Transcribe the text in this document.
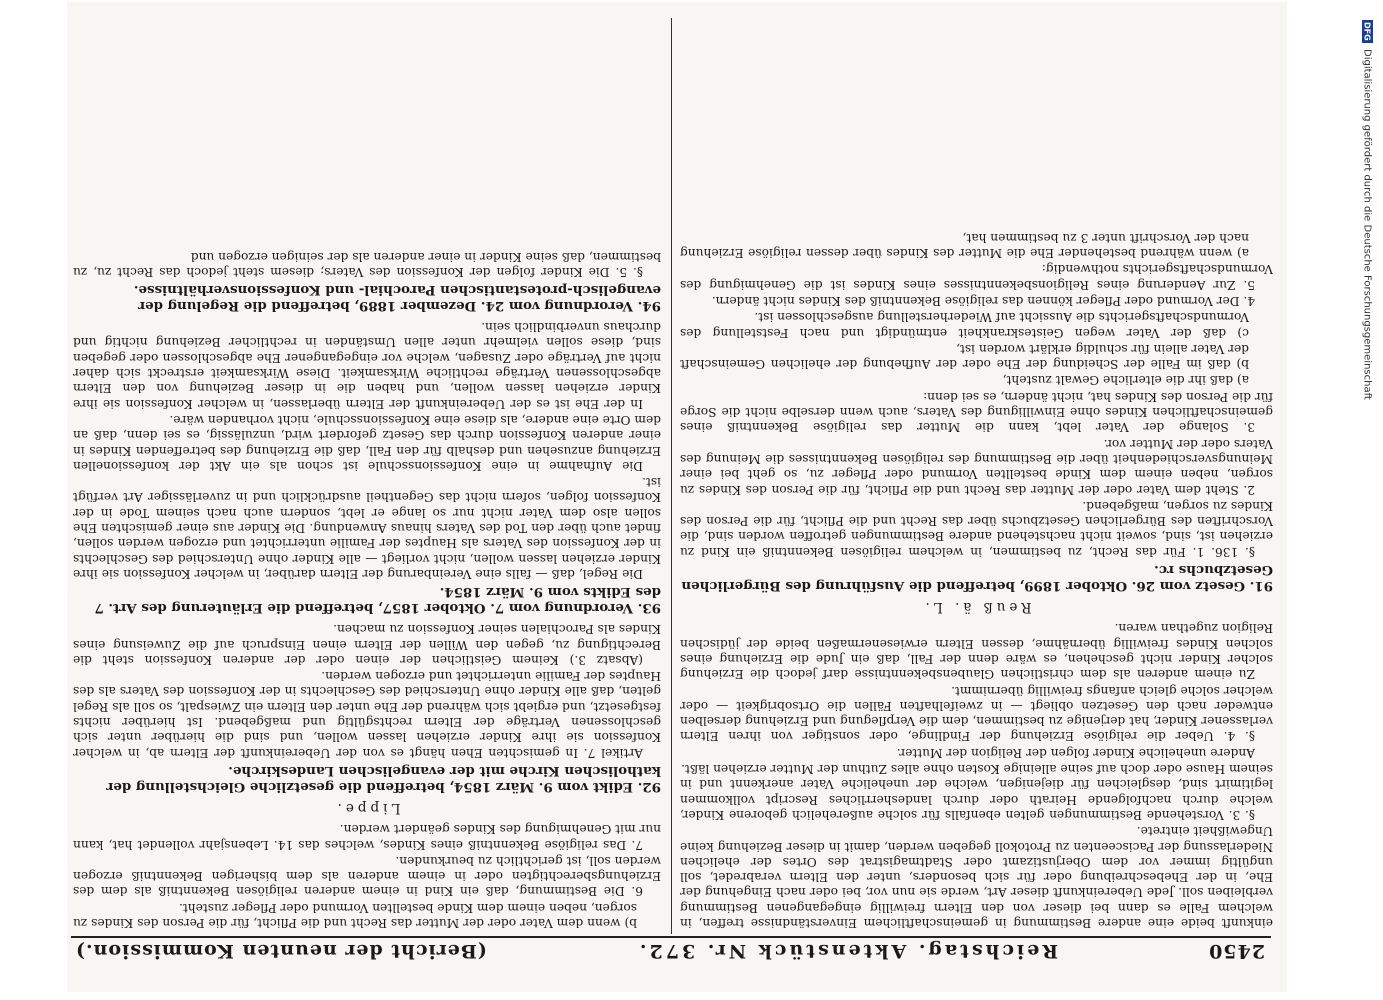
2450
Reichstag. Aktenstück Nr. 372.
(Bericht der neunten Kommission.)

einkunft beide eine andere Bestimmung in gemeinschaftlichem Einverständnisse treffen, in welchem Falle es dann bei dieser von den Eltern freiwillig eingegangenen Bestimmung verbleiben soll. Jede Uebereinkunft dieser Art, werde sie nun vor, bei oder nach Eingehung der Ehe, in der Ehebeschreibung oder für sich besonders, unter den Eltern verabredet, soll ungültig immer vor dem Oberjustizamt oder Stadtmagistrat des Ortes der ehelichen Niederlassung der Pacisceenten zu Protokoll gegeben werden, damit in dieser Beziehung keine Ungewißheit eintrete.

§. 3. Vorstehende Bestimmungen gelten ebenfalls für solche außerehelich geborene Kinder, welche durch nachfolgende Heirath oder durch landesherrliches Rescript vollkommen legitimirt sind, desgleichen für diejenigen, welche der uneheliche Vater anerkennt und in seinem Hause oder doch auf seine alleinige Kosten ohne alles Zuthun der Mutter erziehen läßt.

Andere uneheliche Kinder folgen der Religion der Mutter.

§. 4. Ueber die religiöse Erziehung der Findlinge, oder sonstiger von ihren Eltern verlassener Kinder, hat derjenige zu bestimmen, dem die Verpflegung und Erziehung derselben entweder nach den Gesetzen obliegt — in zweifelhaften Fällen die Ortsobrigkeit — oder welcher solche gleich anfangs freiwillig übernimmt.

Zu einem anderen als dem christlichen Glaubensbekenntnisse darf jedoch die Erziehung solcher Kinder nicht geschehen, es wäre denn der Fall, daß ein Jude die Erziehung eines solchen Kindes freiwillig übernähme, dessen Eltern erwiesenermaßen beide der jüdischen Religion zugethan waren.

Reuß ä. L.
91. Gesetz vom 26. Oktober 1899, betreffend die Ausführung des Bürgerlichen Gesetzbuchs rc.

§. 136. 1. Für das Recht, zu bestimmen, in welchem religiösen Bekenntniß ein Kind zu erziehen ist, sind, soweit nicht nachstehend andere Bestimmungen getroffen worden sind, die Vorschriften des Bürgerlichen Gesetzbuchs über das Recht und die Pflicht, für die Person des Kindes zu sorgen, maßgebend.

2. Steht dem Vater oder der Mutter das Recht und die Pflicht, für die Person des Kindes zu sorgen, neben einem dem Kinde bestellten Vormund oder Pfleger zu, so geht bei einer Meinungsverschiedenheit über die Bestimmung des religiösen Bekenntnisses die Meinung des Vaters oder der Mutter vor.

3. Solange der Vater lebt, kann die Mutter das religiöse Bekenntniß eines gemeinschaftlichen Kindes ohne Einwilligung des Vaters, auch wenn derselbe nicht die Sorge für die Person des Kindes hat, nicht ändern, es sei denn:

a) daß ihr die elterliche Gewalt zusteht,

b) daß im Falle der Scheidung der Ehe oder der Aufhebung der ehelichen Gemeinschaft der Vater allein für schuldig erklärt worden ist,

c) daß der Vater wegen Geisteskrankheit entmündigt und nach Feststellung des Vormundschaftsgerichts die Aussicht auf Wiederherstellung ausgeschlossen ist.

4. Der Vormund oder Pfleger können das religiöse Bekenntniß des Kindes nicht ändern.

5. Zur Aenderung eines Religionsbekenntnisses eines Kindes ist die Genehmigung des Vormundschaftsgerichts nothwendig:

a) wenn während bestehender Ehe die Mutter des Kindes über dessen religiöse Erziehung nach der Vorschrift unter 3 zu bestimmen hat,

b) wenn dem Vater oder der Mutter das Recht und die Pflicht, für die Person des Kindes zu sorgen, neben einem dem Kinde bestellten Vormund oder Pfleger zusteht.

6. Die Bestimmung, daß ein Kind in einem anderen religiösen Bekenntniß als dem des Erziehungsberechtigten oder in einem anderen als dem bisherigen Bekenntniß erzogen werden soll, ist gerichtlich zu beurkunden.

7. Das religiöse Bekenntniß eines Kindes, welches das 14. Lebensjahr vollendet hat, kann nur mit Genehmigung des Kindes geändert werden.

Lippe.
92. Edikt vom 9. März 1854, betreffend die gesetzliche Gleichstellung der katholischen Kirche mit der evangelischen Landeskirche.

Artikel 7. In gemischten Ehen hängt es von der Uebereinkunft der Eltern ab, in welcher Konfession sie ihre Kinder erziehen lassen wollen, und sind die hierüber unter sich geschlossenen Verträge der Eltern rechtsgültig und maßgebend. Ist hierüber nichts festgesetzt, und ergiebt sich während der Ehe unter den Eltern ein Zwiespalt, so soll als Regel gelten, daß alle Kinder ohne Unterschied des Geschlechts in der Konfession des Vaters als des Hauptes der Familie unterrichtet und erzogen werden.

(Absatz 3.) Keinem Geistlichen der einen oder der anderen Konfession steht die Berechtigung zu, gegen den Willen der Eltern einen Einspruch auf die Zuweisung eines Kindes als Parochialen seiner Konfession zu machen.

93. Verordnung vom 7. Oktober 1857, betreffend die Erläuterung des Art. 7 des Edikts vom 9. März 1854.

Die Regel, daß — falls eine Vereinbarung der Eltern darüber, in welcher Konfession sie ihre Kinder erziehen lassen wollen, nicht vorliegt — alle Kinder ohne Unterschied des Geschlechts in der Konfession des Vaters als Hauptes der Familie unterrichtet und erzogen werden sollen, findet auch über den Tod des Vaters hinaus Anwendung. Die Kinder aus einer gemischten Ehe sollen also dem Vater nicht nur so lange er lebt, sondern auch nach seinem Tode in der Konfession folgen, sofern nicht das Gegentheil ausdrücklich und in zuverlässiger Art verfügt ist.

Die Aufnahme in eine Konfessionsschule ist schon als ein Akt der konfessionellen Erziehung anzusehen und deshalb für den Fall, daß die Erziehung des betreffenden Kindes in einer anderen Konfession durch das Gesetz gefordert wird, unzulässig, es sei denn, daß an dem Orte eine andere, als diese eine Konfessionsschule, nicht vorhanden wäre.

In der Ehe ist es der Uebereinkunft der Eltern überlassen, in welcher Konfession sie ihre Kinder erziehen lassen wollen, und haben die in dieser Beziehung von den Eltern abgeschlossenen Verträge rechtliche Wirksamkeit. Diese Wirksamkeit erstreckt sich daher nicht auf Verträge oder Zusagen, welche vor eingegangener Ehe abgeschlossen oder gegeben sind, diese sollen vielmehr unter allen Umständen in rechtlicher Beziehung nichtig und durchaus unverbindlich sein.

94. Verordnung vom 24. Dezember 1889, betreffend die Regelung der evangelisch-protestantischen Parochial- und Konfessionsverhältnisse.

§. 5. Die Kinder folgen der Konfession des Vaters; diesem steht jedoch das Recht zu, zu bestimmen, daß seine Kinder in einer anderen als der seinigen erzogen und

DFG
Digitalisierung gefördert durch die Deutsche Forschungsgemeinschaft
